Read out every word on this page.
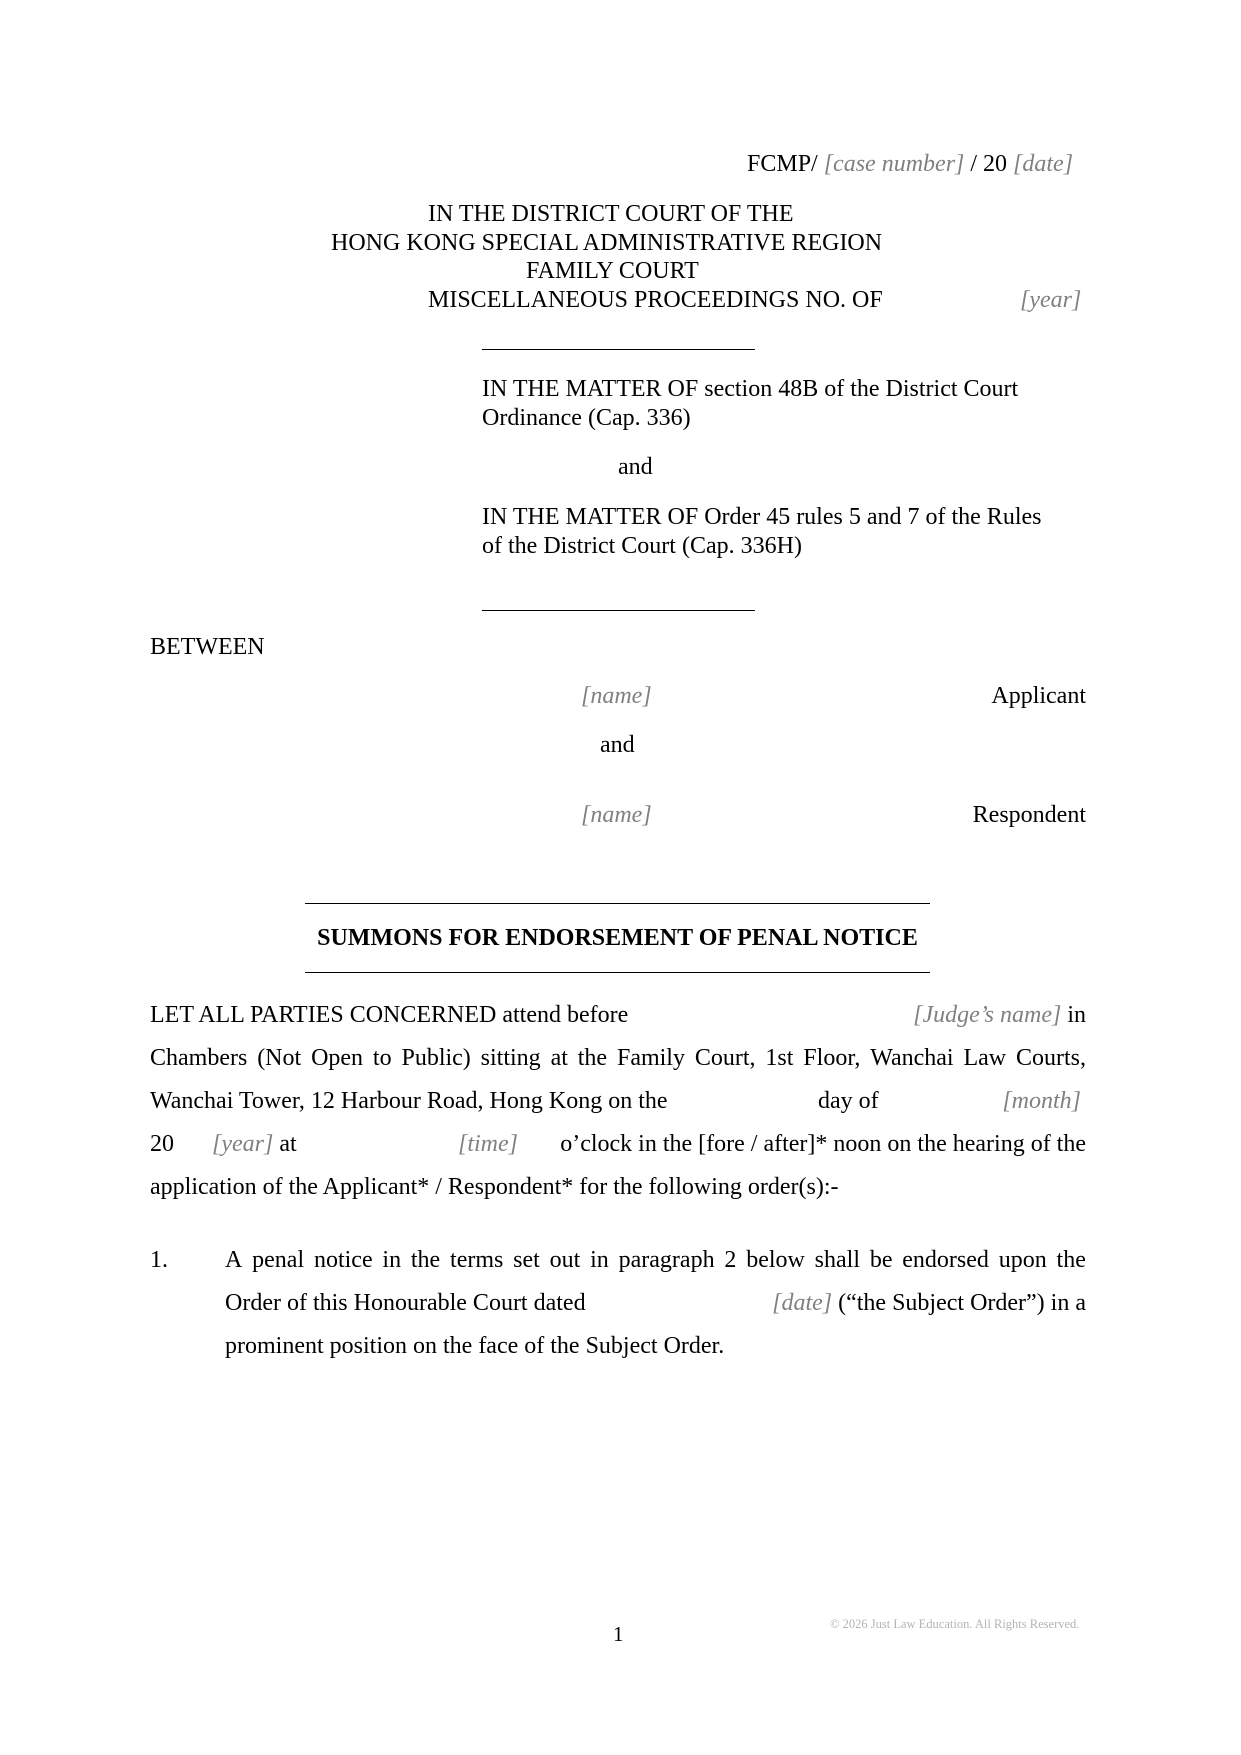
FCMP/ [case number] / 20 [date]
IN THE DISTRICT COURT OF THE
HONG KONG SPECIAL ADMINISTRATIVE REGION
FAMILY COURT
MISCELLANEOUS PROCEEDINGS NO. OF	[year]
IN THE MATTER OF section 48B of the District Court
Ordinance (Cap. 336)
and
IN THE MATTER OF Order 45 rules 5 and 7 of the Rules
of the District Court (Cap. 336H)
BETWEEN
[name]	Applicant
and
[name]	Respondent
SUMMONS FOR ENDORSEMENT OF PENAL NOTICE
LET ALL PARTIES CONCERNED attend before	[Judge’s name] in
Chambers (Not Open to Public) sitting at the Family Court, 1st Floor, Wanchai Law Courts,
Wanchai Tower, 12 Harbour Road, Hong Kong on the	day of	[month]
20 [year] at	[time] o’clock in the [fore / after]* noon on the hearing of the
application of the Applicant* / Respondent* for the following order(s):-
1. A penal notice in the terms set out in paragraph 2 below shall be endorsed upon the
Order of this Honourable Court dated	[date] (“the Subject Order”) in a
prominent position on the face of the Subject Order.
1	© 2026 Just Law Education. All Rights Reserved.
